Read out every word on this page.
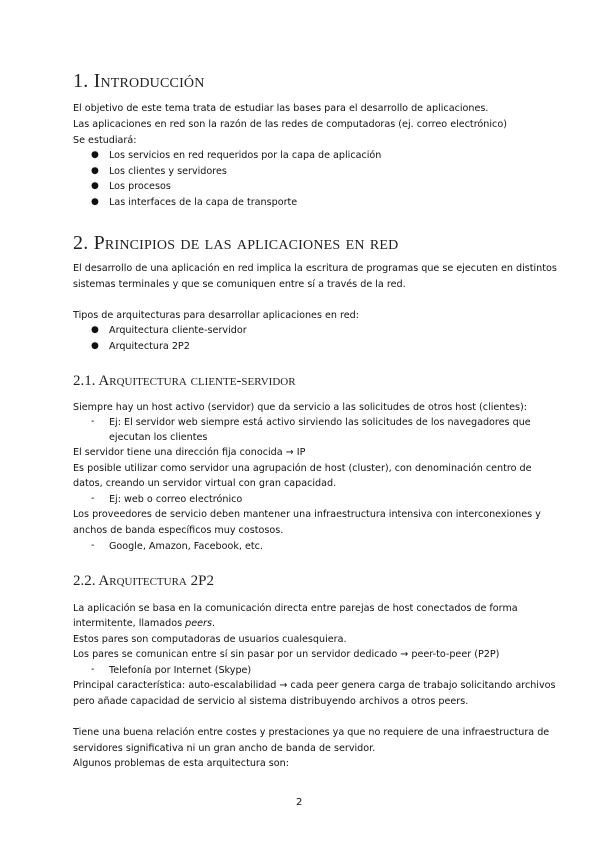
1. Introducción
El objetivo de este tema trata de estudiar las bases para el desarrollo de aplicaciones.
Las aplicaciones en red son la razón de las redes de computadoras (ej. correo electrónico)
Se estudiará:
● Los servicios en red requeridos por la capa de aplicación
● Los clientes y servidores
● Los procesos
● Las interfaces de la capa de transporte
2. Principios de las aplicaciones en red
El desarrollo de una aplicación en red implica la escritura de programas que se ejecuten en distintos
sistemas terminales y que se comuniquen entre sí a través de la red.
Tipos de arquitecturas para desarrollar aplicaciones en red:
● Arquitectura cliente-servidor
● Arquitectura 2P2
2.1. Arquitectura cliente-servidor
Siempre hay un host activo (servidor) que da servicio a las solicitudes de otros host (clientes):
- Ej: El servidor web siempre está activo sirviendo las solicitudes de los navegadores que
ejecutan los clientes
El servidor tiene una dirección fija conocida → IP
Es posible utilizar como servidor una agrupación de host (cluster), con denominación centro de
datos, creando un servidor virtual con gran capacidad.
- Ej: web o correo electrónico
Los proveedores de servicio deben mantener una infraestructura intensiva con interconexiones y
anchos de banda específicos muy costosos.
- Google, Amazon, Facebook, etc.
2.2. Arquitectura 2P2
La aplicación se basa en la comunicación directa entre parejas de host conectados de forma
intermitente, llamados peers.
Estos pares son computadoras de usuarios cualesquiera.
Los pares se comunican entre sí sin pasar por un servidor dedicado → peer-to-peer (P2P)
- Telefonía por Internet (Skype)
Principal característica: auto-escalabilidad → cada peer genera carga de trabajo solicitando archivos
pero añade capacidad de servicio al sistema distribuyendo archivos a otros peers.
Tiene una buena relación entre costes y prestaciones ya que no requiere de una infraestructura de
servidores significativa ni un gran ancho de banda de servidor.
Algunos problemas de esta arquitectura son:
2
